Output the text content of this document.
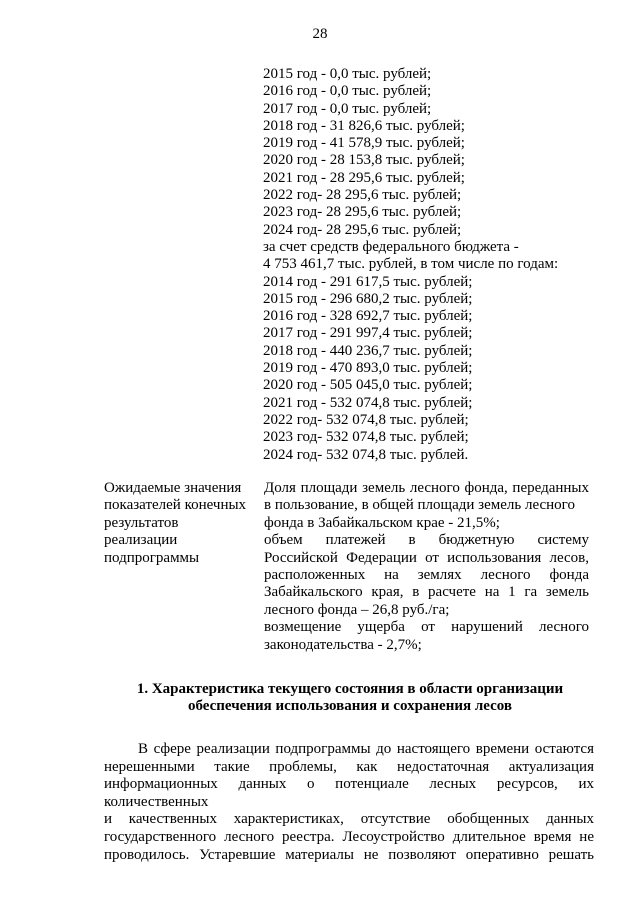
28
2015 год - 0,0 тыс. рублей;
2016 год - 0,0 тыс. рублей;
2017 год - 0,0 тыс. рублей;
2018 год - 31 826,6 тыс. рублей;
2019 год - 41 578,9 тыс. рублей;
2020 год - 28 153,8 тыс. рублей;
2021 год - 28 295,6 тыс. рублей;
2022 год- 28 295,6 тыс. рублей;
2023 год- 28 295,6 тыс. рублей;
2024 год- 28 295,6 тыс. рублей;
за счет средств федерального бюджета -
4 753 461,7 тыс. рублей, в том числе по годам:
2014 год - 291 617,5 тыс. рублей;
2015 год - 296 680,2 тыс. рублей;
2016 год - 328 692,7 тыс. рублей;
2017 год - 291 997,4 тыс. рублей;
2018 год - 440 236,7 тыс. рублей;
2019 год - 470 893,0 тыс. рублей;
2020 год - 505 045,0 тыс. рублей;
2021 год - 532 074,8 тыс. рублей;
2022 год- 532 074,8 тыс. рублей;
2023 год- 532 074,8 тыс. рублей;
2024 год- 532 074,8 тыс. рублей.
Ожидаемые значения
показателей конечных
результатов
реализации
подпрограммы
Доля площади земель лесного фонда, переданных
в пользование, в общей площади земель лесного
фонда в Забайкальском крае - 21,5%;
объем платежей в бюджетную систему
Российской Федерации от использования лесов,
расположенных на землях лесного фонда
Забайкальского края, в расчете на 1 га земель
лесного фонда – 26,8 руб./га;
возмещение ущерба от нарушений лесного
законодательства - 2,7%;
1. Характеристика текущего состояния в области организации
обеспечения использования и сохранения лесов
В сфере реализации подпрограммы до настоящего времени остаются
нерешенными такие проблемы, как недостаточная актуализация
информационных данных о потенциале лесных ресурсов, их количественных
и качественных характеристиках, отсутствие обобщенных данных
государственного лесного реестра. Лесоустройство длительное время не
проводилось. Устаревшие материалы не позволяют оперативно решать
